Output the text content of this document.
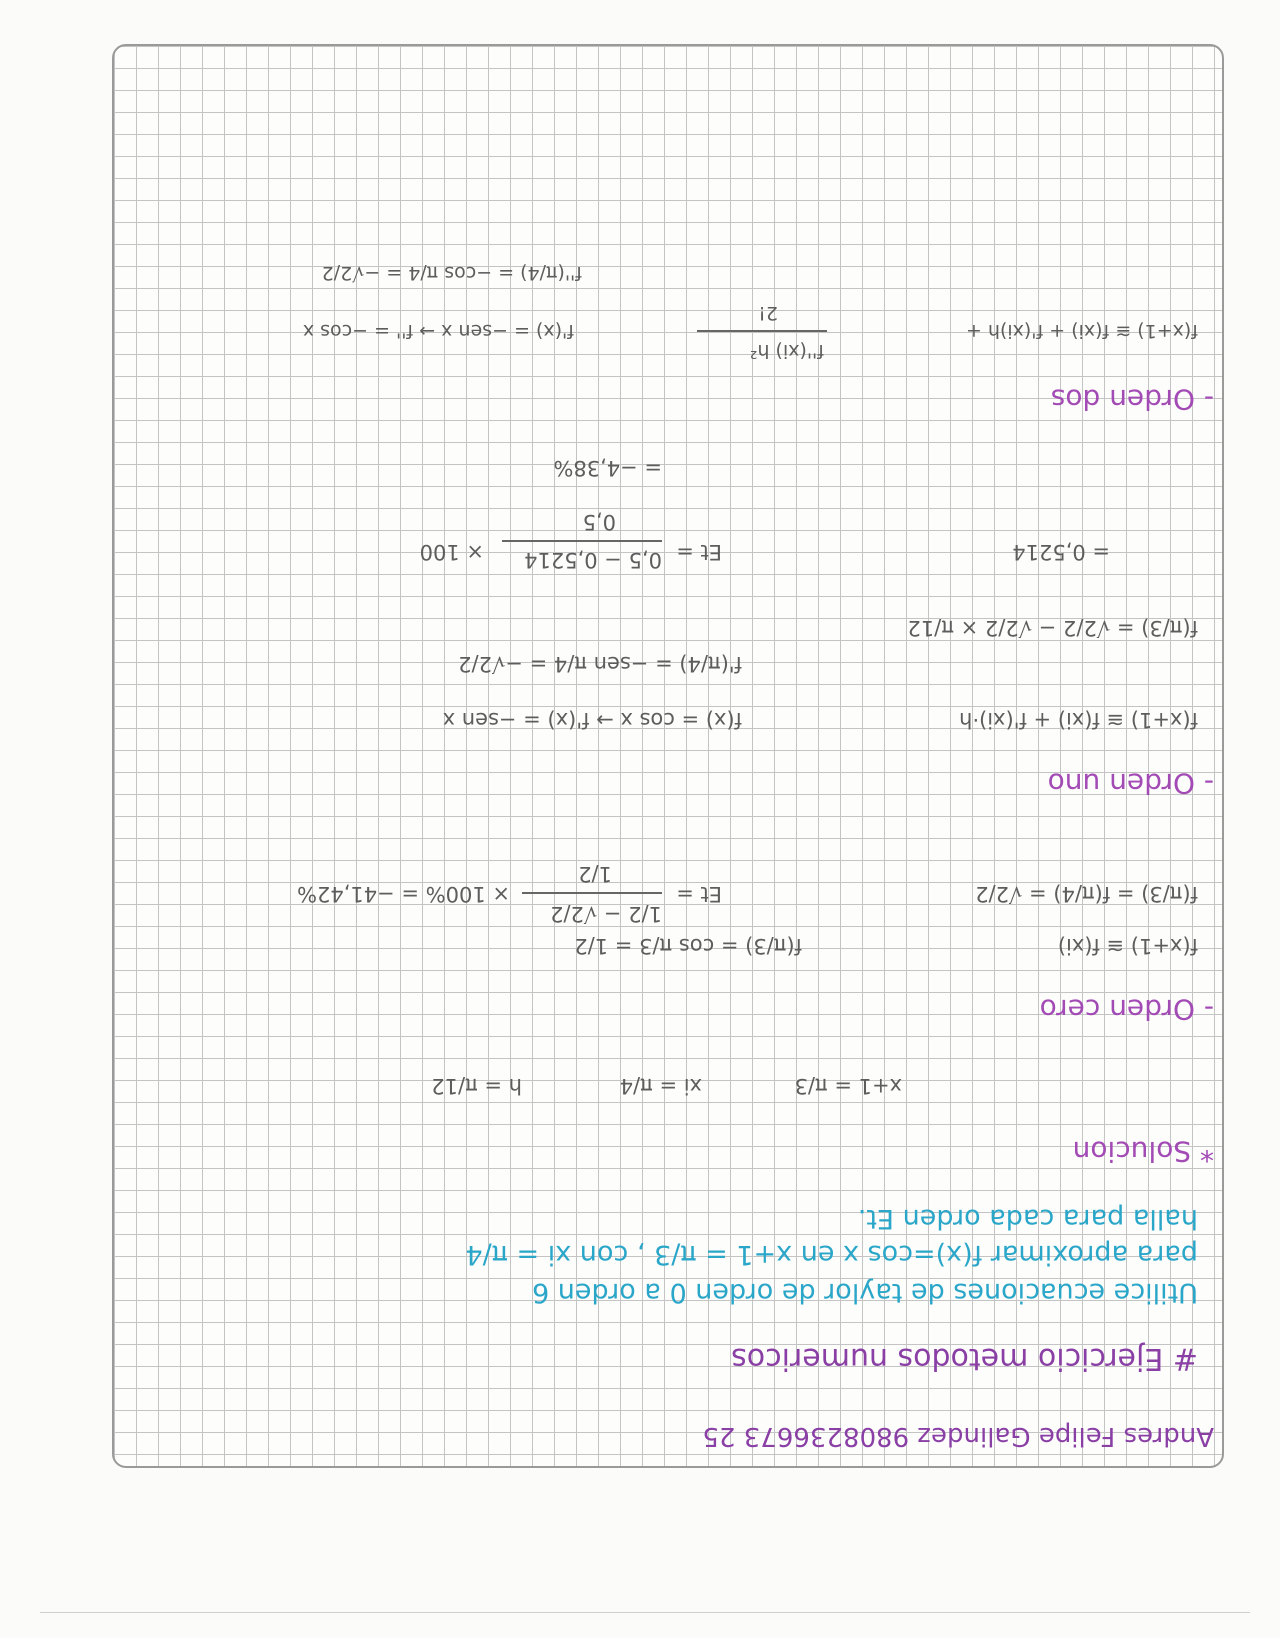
Andres Felipe Galindez 9808236673 25
# Ejercicio metodos numericos
Utilice ecuaciones de taylor de orden 0 a orden 6
para aproximar f(x)=cos x en x+1 = π/3 , con xi = π/4
halla para cada orden Et.
* Solucion
x+1 = π/3
xi = π/4
h = π/12
- Orden cero
f(x+1) ≅ f(xi)
f(π/3) = cos π/3 = 1/2
f(π/3) = f(π/4) = √2/2
Et =
1/2 − √2/2
1/2
× 100% = −41,42%
- Orden uno
f(x+1) ≅ f(xi) + f'(xi)·h
f(x) = cos x → f'(x) = −sen x
f'(π/4) = −sen π/4 = −√2/2
f(π/3) = √2/2 − √2/2 × π/12
= 0,5214
Et =
0,5 − 0,5214
0,5
× 100
= −4,38%
- Orden dos
f(x+1) ≅ f(xi) + f'(xi)h +
f''(xi) h²
2!
f'(x) = −sen x → f'' = −cos x
f''(π/4) = −cos π/4 = −√2/2
